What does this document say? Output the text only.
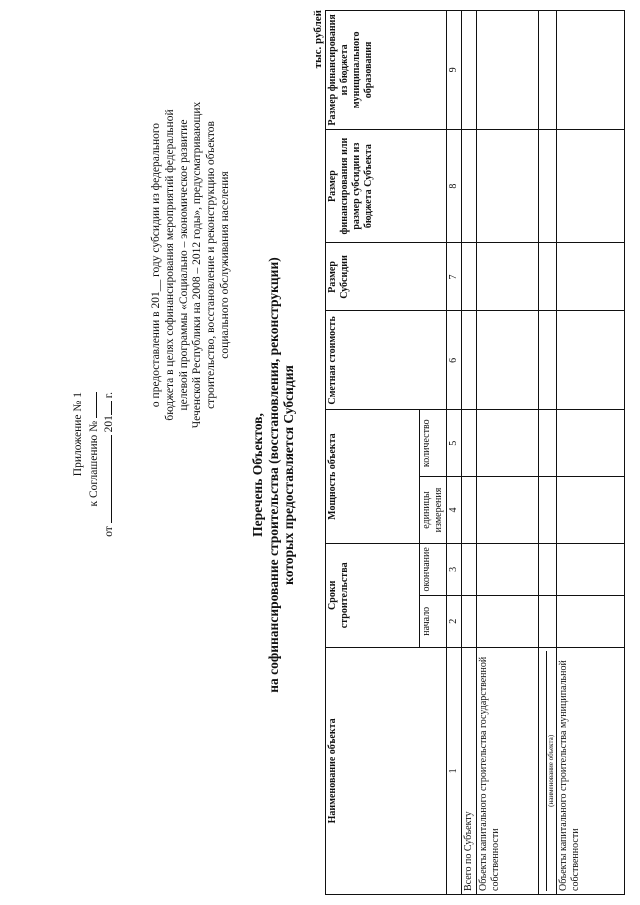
Приложение № 1 к Соглашению №
от  201 г.	о предоставлении в 201__ году субсидии из федерального бюджета в целях софинансирования мероприятий федеральной целевой программы «Социально – экономическое развитие Чеченской Республики на 2008 – 2012 годы», предусматривающих строительство, восстановление и реконструкцию объектов социального обслуживания населения
Перечень Объектов, на софинансирование строительства (восстановления, реконструкции) которых предоставляется Субсидия
тыс. рублей
Наименование объекта	Сроки строительства		Мощность объекта		Сметная стоимость	Размер Субсидии	Размер финансирования или размер субсидии из бюджета Субъекта	Размер финансирования из бюджета муниципального образования
	начало	окончание	единицы измерения	количество				
1	2	3	4	5	6	7	8	9
Всего по Субъекту								
Объекты капитального строительства государственной собственности								

(наименование объекта)								

Объекты капитального строительства муниципальной собственности								
